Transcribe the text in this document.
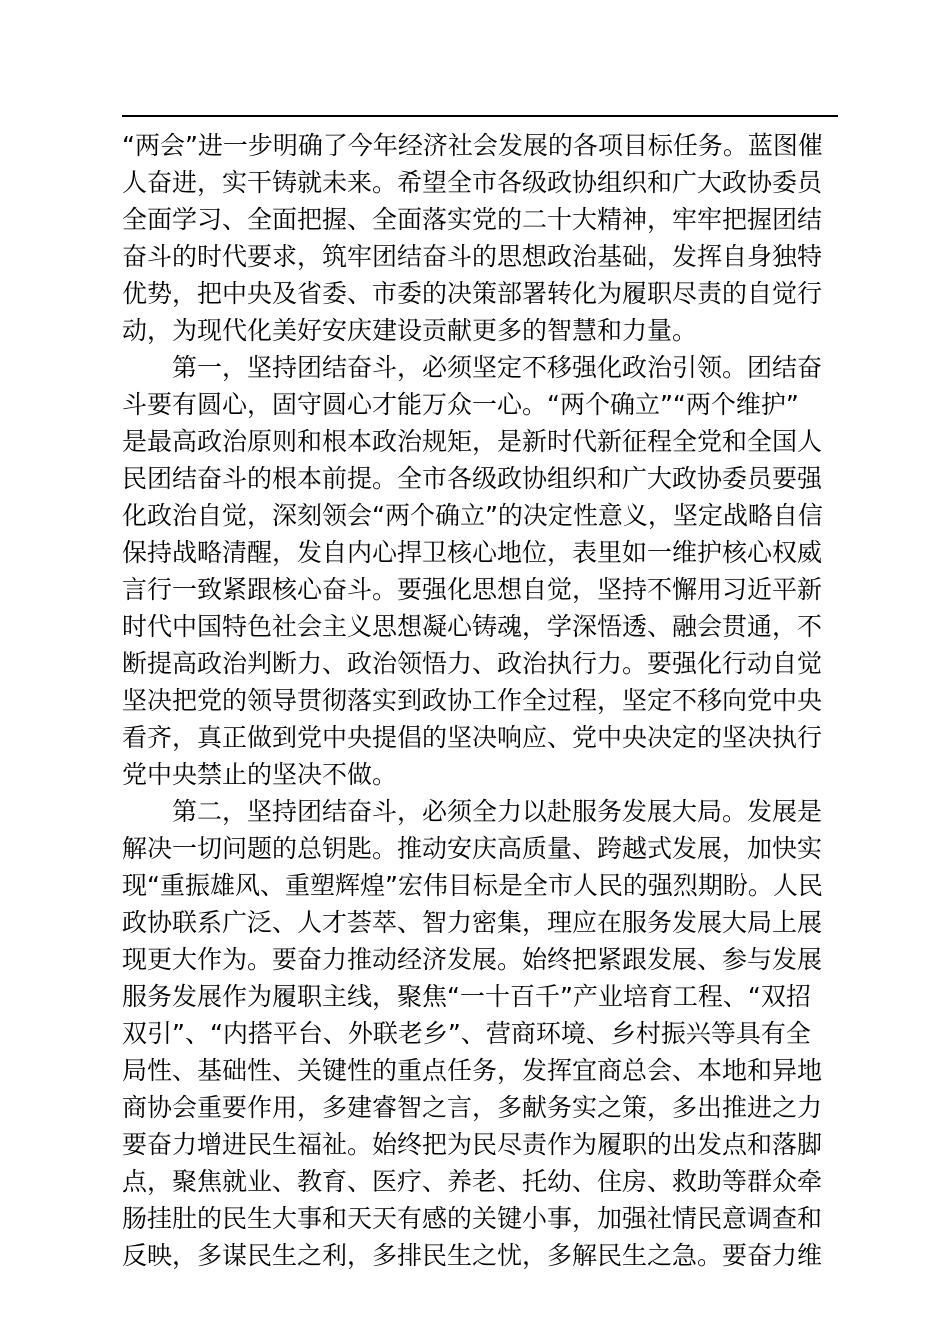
“两会”进一步明确了今年经济社会发展的各项目标任务。蓝图催
人奋进，实干铸就未来。希望全市各级政协组织和广大政协委员
全面学习、全面把握、全面落实党的二十大精神，牢牢把握团结
奋斗的时代要求，筑牢团结奋斗的思想政治基础，发挥自身独特
优势，把中央及省委、市委的决策部署转化为履职尽责的自觉行
动，为现代化美好安庆建设贡献更多的智慧和力量。
第一，坚持团结奋斗，必须坚定不移强化政治引领。团结奋
斗要有圆心，固守圆心才能万众一心。“两个确立”“两个维护”
是最高政治原则和根本政治规矩，是新时代新征程全党和全国人
民团结奋斗的根本前提。全市各级政协组织和广大政协委员要强
化政治自觉，深刻领会“两个确立”的决定性意义，坚定战略自信
保持战略清醒，发自内心捍卫核心地位，表里如一维护核心权威
言行一致紧跟核心奋斗。要强化思想自觉，坚持不懈用习近平新
时代中国特色社会主义思想凝心铸魂，学深悟透、融会贯通，不
断提高政治判断力、政治领悟力、政治执行力。要强化行动自觉
坚决把党的领导贯彻落实到政协工作全过程，坚定不移向党中央
看齐，真正做到党中央提倡的坚决响应、党中央决定的坚决执行
党中央禁止的坚决不做。
第二，坚持团结奋斗，必须全力以赴服务发展大局。发展是
解决一切问题的总钥匙。推动安庆高质量、跨越式发展，加快实
现“重振雄风、重塑辉煌”宏伟目标是全市人民的强烈期盼。人民
政协联系广泛、人才荟萃、智力密集，理应在服务发展大局上展
现更大作为。要奋力推动经济发展。始终把紧跟发展、参与发展
服务发展作为履职主线，聚焦“一十百千”产业培育工程、“双招
双引”、“内搭平台、外联老乡”、营商环境、乡村振兴等具有全
局性、基础性、关键性的重点任务，发挥宜商总会、本地和异地
商协会重要作用，多建睿智之言，多献务实之策，多出推进之力
要奋力增进民生福祉。始终把为民尽责作为履职的出发点和落脚
点，聚焦就业、教育、医疗、养老、托幼、住房、救助等群众牵
肠挂肚的民生大事和天天有感的关键小事，加强社情民意调查和
反映，多谋民生之利，多排民生之忧，多解民生之急。要奋力维
